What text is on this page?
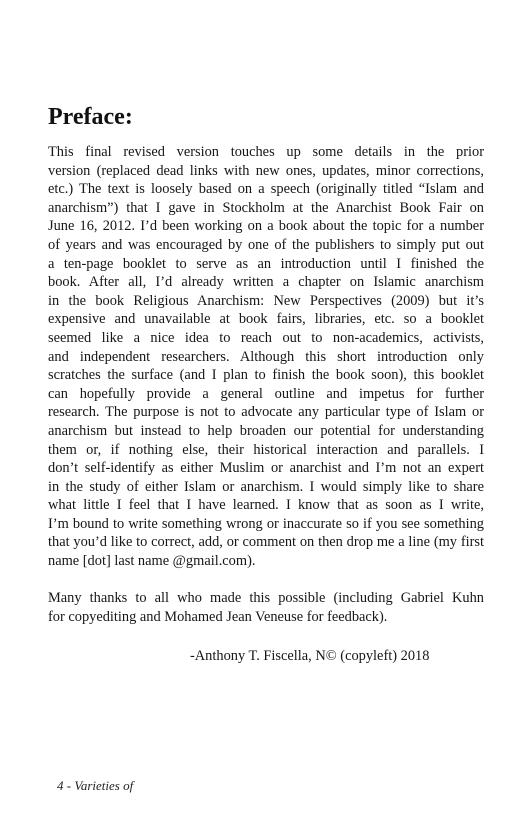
Preface:
This final revised version touches up some details in the prior
version (replaced dead links with new ones, updates, minor corrections,
etc.) The text is loosely based on a speech (originally titled “Islam and
anarchism”) that I gave in Stockholm at the Anarchist Book Fair on
June 16, 2012. I’d been working on a book about the topic for a number
of years and was encouraged by one of the publishers to simply put out
a ten-page booklet to serve as an introduction until I finished the
book. After all, I’d already written a chapter on Islamic anarchism
in the book Religious Anarchism: New Perspectives (2009) but it’s
expensive and unavailable at book fairs, libraries, etc. so a booklet
seemed like a nice idea to reach out to non-academics, activists,
and independent researchers. Although this short introduction only
scratches the surface (and I plan to finish the book soon), this booklet
can hopefully provide a general outline and impetus for further
research. The purpose is not to advocate any particular type of Islam or
anarchism but instead to help broaden our potential for understanding
them or, if nothing else, their historical interaction and parallels. I
don’t self-identify as either Muslim or anarchist and I’m not an expert
in the study of either Islam or anarchism. I would simply like to share
what little I feel that I have learned. I know that as soon as I write,
I’m bound to write something wrong or inaccurate so if you see something
that you’d like to correct, add, or comment on then drop me a line (my first
name [dot] last name @gmail.com).
Many thanks to all who made this possible (including Gabriel Kuhn
for copyediting and Mohamed Jean Veneuse for feedback).

-Anthony T. Fiscella, N© (copyleft) 2018

4 - Varieties of
